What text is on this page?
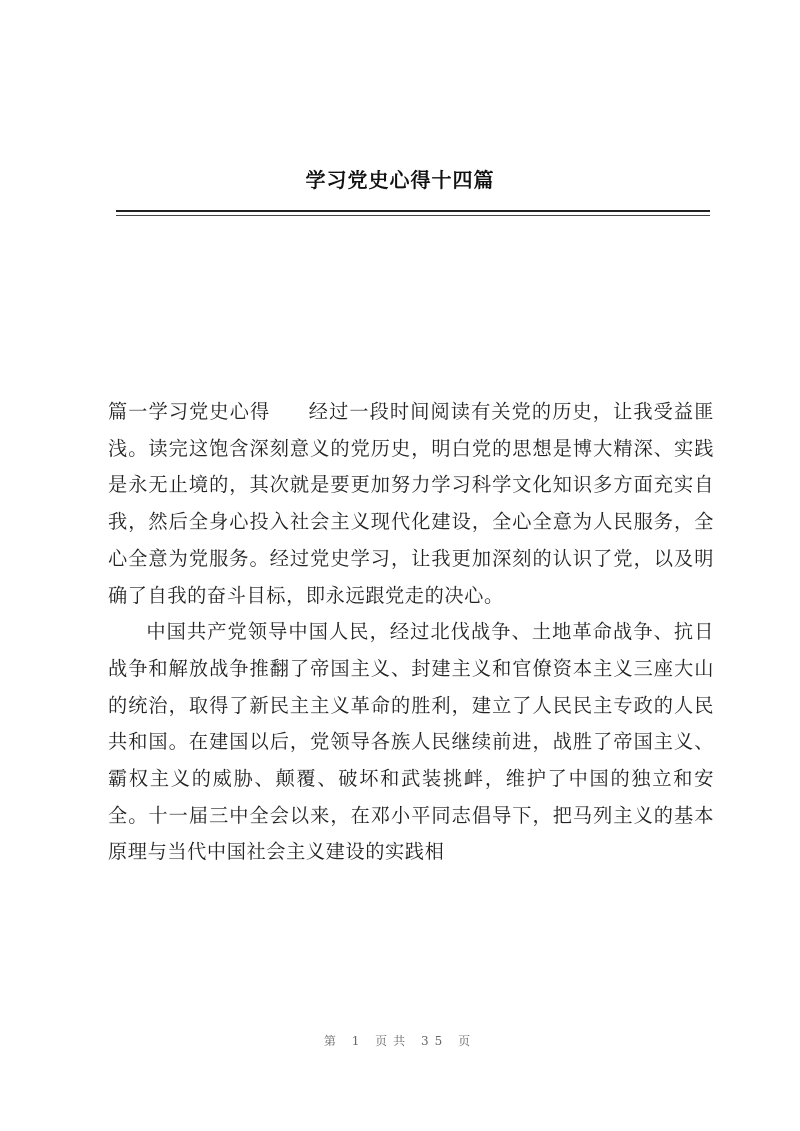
学习党史心得十四篇

篇一学习党史心得 经过一段时间阅读有关党的历史，让我受益匪浅。读完这饱含深刻意义的党历史，明白党的思想是博大精深、实践是永无止境的，其次就是要更加努力学习科学文化知识多方面充实自我，然后全身心投入社会主义现代化建设，全心全意为人民服务，全心全意为党服务。经过党史学习，让我更加深刻的认识了党，以及明确了自我的奋斗目标，即永远跟党走的决心。

中国共产党领导中国人民，经过北伐战争、土地革命战争、抗日战争和解放战争推翻了帝国主义、封建主义和官僚资本主义三座大山的统治，取得了新民主主义革命的胜利，建立了人民民主专政的人民共和国。在建国以后，党领导各族人民继续前进，战胜了帝国主义、霸权主义的威胁、颠覆、破坏和武装挑衅，维护了中国的独立和安全。十一届三中全会以来，在邓小平同志倡导下，把马列主义的基本原理与当代中国社会主义建设的实践相

第 1 页共 35 页
